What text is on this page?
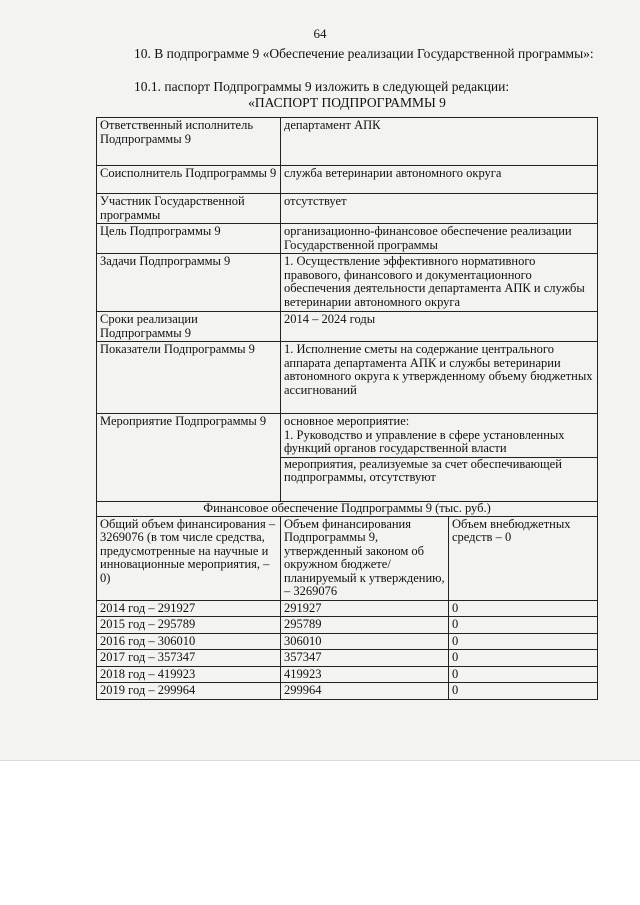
64
10. В подпрограмме 9 «Обеспечение реализации Государственной программы»:
10.1. паспорт Подпрограммы 9 изложить в следующей редакции:
«ПАСПОРТ ПОДПРОГРАММЫ 9
Ответственный исполнитель Подпрограммы 9	департамент АПК	
Соисполнитель Подпрограммы 9	служба ветеринарии автономного округа	
Участник Государственной программы	отсутствует	
Цель Подпрограммы 9	организационно-финансовое обеспечение реализации Государственной программы	
Задачи Подпрограммы 9	1. Осуществление эффективного нормативного правового, финансового и документационного обеспечения деятельности департамента АПК и службы ветеринарии автономного округа	
Сроки реализации Подпрограммы 9	2014 – 2024 годы	
Показатели Подпрограммы 9	1. Исполнение сметы на содержание центрального аппарата департамента АПК и службы ветеринарии автономного округа к утвержденному объему бюджетных ассигнований	
Мероприятие Подпрограммы 9	основное мероприятие:
1. Руководство и управление в сфере установленных функций органов государственной власти
мероприятия, реализуемые за счет обеспечивающей подпрограммы, отсутствуют	

Финансовое обеспечение Подпрограммы 9 (тыс. руб.)		
Общий объем финансирования – 3269076 (в том числе средства, предусмотренные на научные и инновационные мероприятия, – 0)	Объем финансирования Подпрограммы 9, утвержденный законом об окружном бюджете/планируемый к утверждению, – 3269076	Объем внебюджетных средств – 0
2014 год – 291927	291927	0
2015 год – 295789	295789	0
2016 год – 306010	306010	0
2017 год – 357347	357347	0
2018 год – 419923	419923	0
2019 год – 299964	299964	0
